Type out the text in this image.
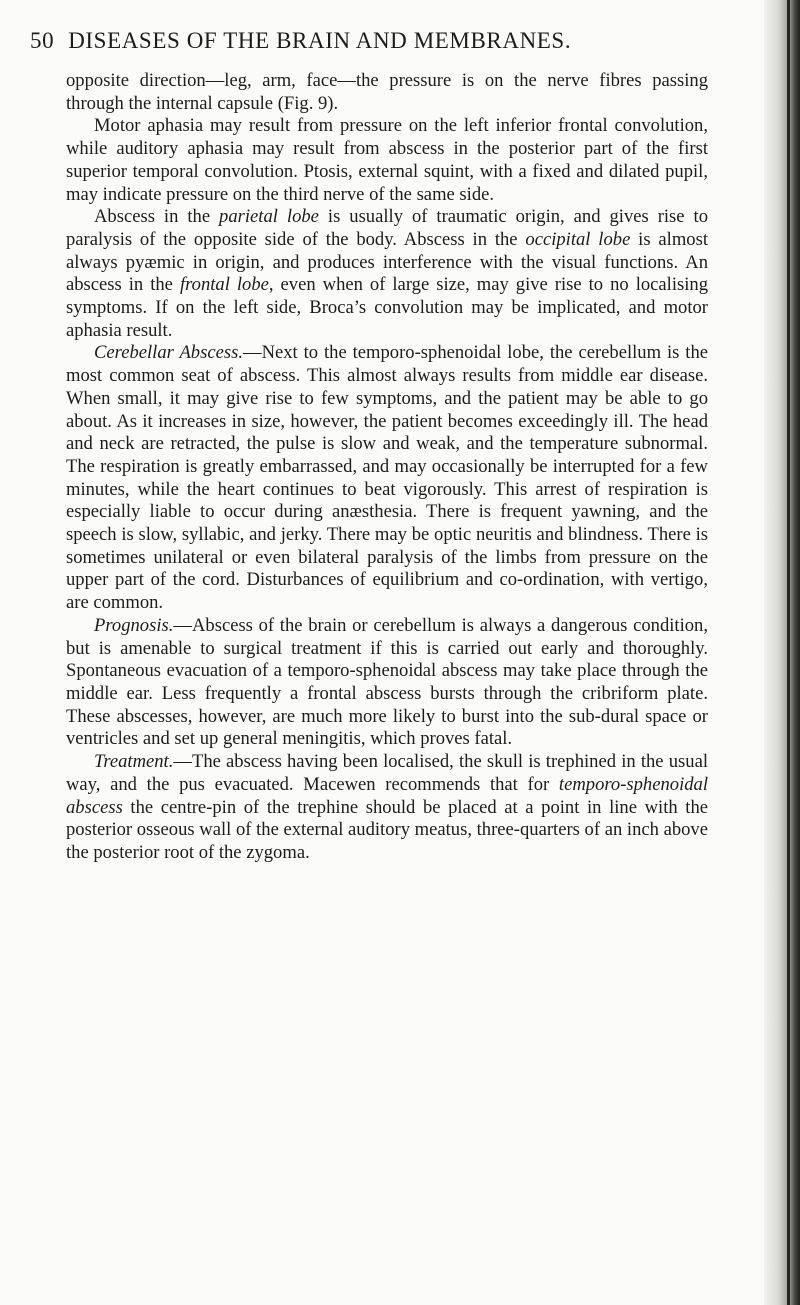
50 DISEASES OF THE BRAIN AND MEMBRANES.

opposite direction—leg, arm, face—the pressure is on the nerve fibres passing through the internal capsule (Fig. 9).

Motor aphasia may result from pressure on the left inferior frontal convolution, while auditory aphasia may result from abscess in the posterior part of the first superior temporal convolution. Ptosis, external squint, with a fixed and dilated pupil, may indicate pressure on the third nerve of the same side.

Abscess in the parietal lobe is usually of traumatic origin, and gives rise to paralysis of the opposite side of the body. Abscess in the occipital lobe is almost always pyæmic in origin, and produces interference with the visual functions. An abscess in the frontal lobe, even when of large size, may give rise to no localising symptoms. If on the left side, Broca’s convolution may be implicated, and motor aphasia result.

Cerebellar Abscess.—Next to the temporo-sphenoidal lobe, the cerebellum is the most common seat of abscess. This almost always results from middle ear disease. When small, it may give rise to few symptoms, and the patient may be able to go about. As it increases in size, however, the patient becomes exceedingly ill. The head and neck are retracted, the pulse is slow and weak, and the temperature subnormal. The respiration is greatly embarrassed, and may occasionally be interrupted for a few minutes, while the heart continues to beat vigorously. This arrest of respiration is especially liable to occur during anæsthesia. There is frequent yawning, and the speech is slow, syllabic, and jerky. There may be optic neuritis and blindness. There is sometimes unilateral or even bilateral paralysis of the limbs from pressure on the upper part of the cord. Disturbances of equilibrium and co-ordination, with vertigo, are common.

Prognosis.—Abscess of the brain or cerebellum is always a dangerous condition, but is amenable to surgical treatment if this is carried out early and thoroughly. Spontaneous evacuation of a temporo-sphenoidal abscess may take place through the middle ear. Less frequently a frontal abscess bursts through the cribriform plate. These abscesses, however, are much more likely to burst into the sub-dural space or ventricles and set up general meningitis, which proves fatal.

Treatment.—The abscess having been localised, the skull is trephined in the usual way, and the pus evacuated. Macewen recommends that for temporo-sphenoidal abscess the centre-pin of the trephine should be placed at a point in line with the posterior osseous wall of the external auditory meatus, three-quarters of an inch above the posterior root of the zygoma.
